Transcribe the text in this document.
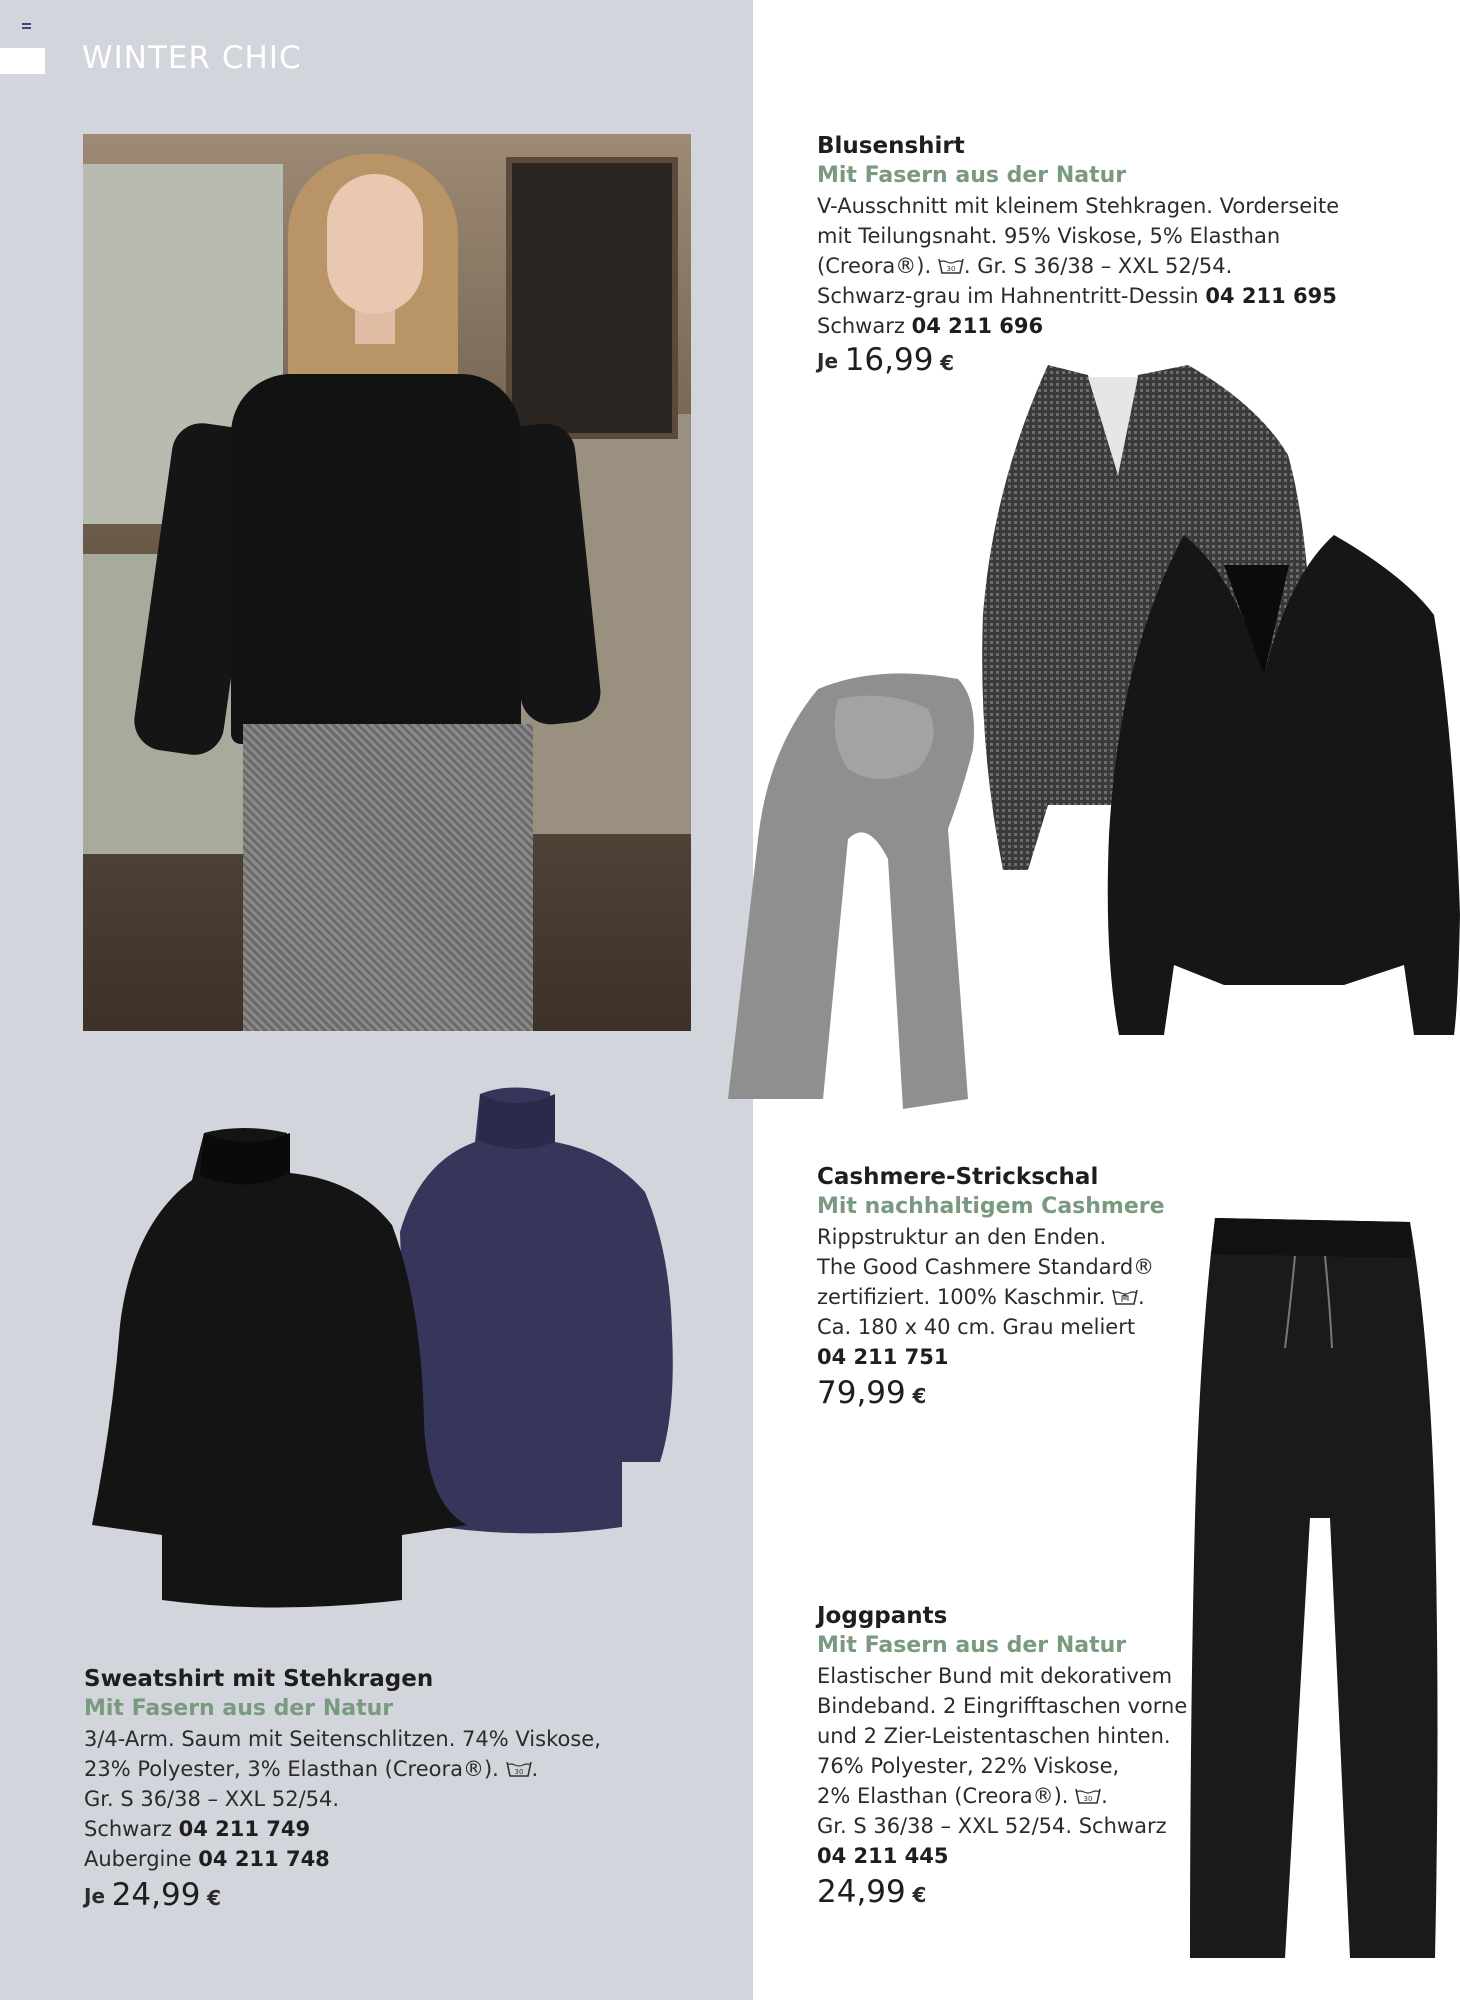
WINTER CHIC
Blusenshirt
Mit Fasern aus der Natur
V-Ausschnitt mit kleinem Stehkragen. Vorderseite
mit Teilungsnaht. 95% Viskose, 5% Elasthan
(Creora®). 30 . Gr. S 36/38 – XXL 52/54.
Schwarz-grau im Hahnentritt-Dessin 04 211 695
Schwarz 04 211 696
Je 16,99 €
Cashmere-Strickschal
Mit nachhaltigem Cashmere
Rippstruktur an den Enden.
The Good Cashmere Standard®
zertifiziert. 100% Kaschmir. .
Ca. 180 x 40 cm. Grau meliert
04 211 751
79,99 €
Joggpants
Mit Fasern aus der Natur
Elastischer Bund mit dekorativem
Bindeband. 2 Eingrifftaschen vorne
und 2 Zier-Leistentaschen hinten.
76% Polyester, 22% Viskose,
2% Elasthan (Creora®). 30 .
Gr. S 36/38 – XXL 52/54. Schwarz
04 211 445
24,99 €
Sweatshirt mit Stehkragen
Mit Fasern aus der Natur
3/4-Arm. Saum mit Seitenschlitzen. 74% Viskose,
23% Polyester, 3% Elasthan (Creora®). 30 .
Gr. S 36/38 – XXL 52/54.
Schwarz 04 211 749
Aubergine 04 211 748
Je 24,99 €
